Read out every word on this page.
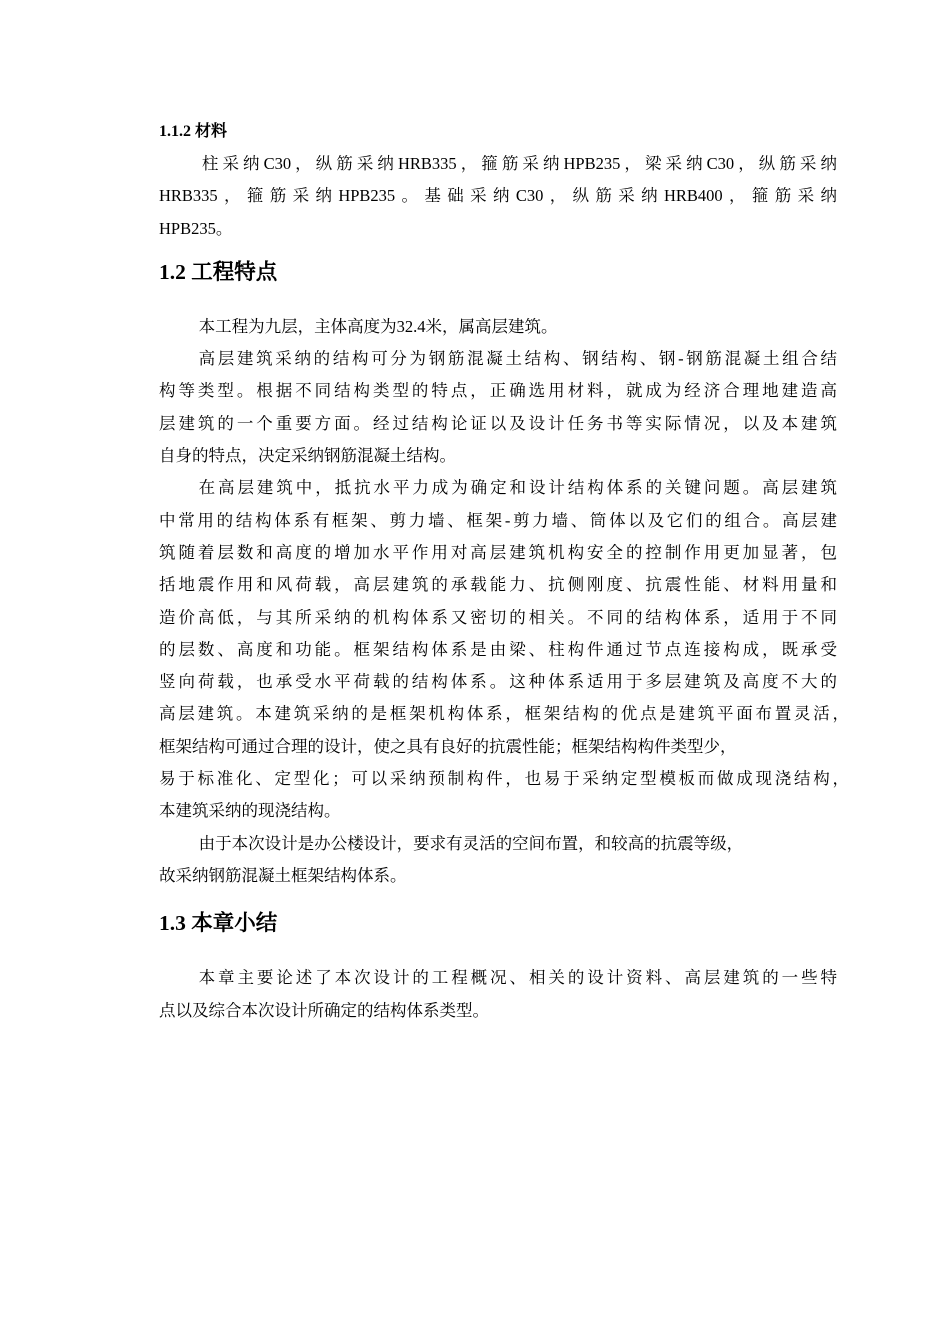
1.1.2 材料
柱采纳C30，纵筋采纳HRB335，箍筋采纳HPB235，梁采纳C30，纵筋采纳
HRB335，箍筋采纳HPB235。基础采纳C30，纵筋采纳HRB400，箍筋采纳
HPB235。
1.2 工程特点
本工程为九层，主体高度为32.4米，属高层建筑。
高层建筑采纳的结构可分为钢筋混凝土结构、钢结构、钢-钢筋混凝土组合结
构等类型。根据不同结构类型的特点，正确选用材料，就成为经济合理地建造高
层建筑的一个重要方面。经过结构论证以及设计任务书等实际情况，以及本建筑
自身的特点，决定采纳钢筋混凝土结构。
在高层建筑中，抵抗水平力成为确定和设计结构体系的关键问题。高层建筑
中常用的结构体系有框架、剪力墙、框架-剪力墙、筒体以及它们的组合。高层建
筑随着层数和高度的增加水平作用对高层建筑机构安全的控制作用更加显著，包
括地震作用和风荷载，高层建筑的承载能力、抗侧刚度、抗震性能、材料用量和
造价高低，与其所采纳的机构体系又密切的相关。不同的结构体系，适用于不同
的层数、高度和功能。框架结构体系是由梁、柱构件通过节点连接构成，既承受
竖向荷载，也承受水平荷载的结构体系。这种体系适用于多层建筑及高度不大的
高层建筑。本建筑采纳的是框架机构体系，框架结构的优点是建筑平面布置灵活，
框架结构可通过合理的设计，使之具有良好的抗震性能；框架结构构件类型少，
易于标准化、定型化；可以采纳预制构件，也易于采纳定型模板而做成现浇结构，
本建筑采纳的现浇结构。
由于本次设计是办公楼设计，要求有灵活的空间布置，和较高的抗震等级，
故采纳钢筋混凝土框架结构体系。
1.3 本章小结
本章主要论述了本次设计的工程概况、相关的设计资料、高层建筑的一些特
点以及综合本次设计所确定的结构体系类型。
